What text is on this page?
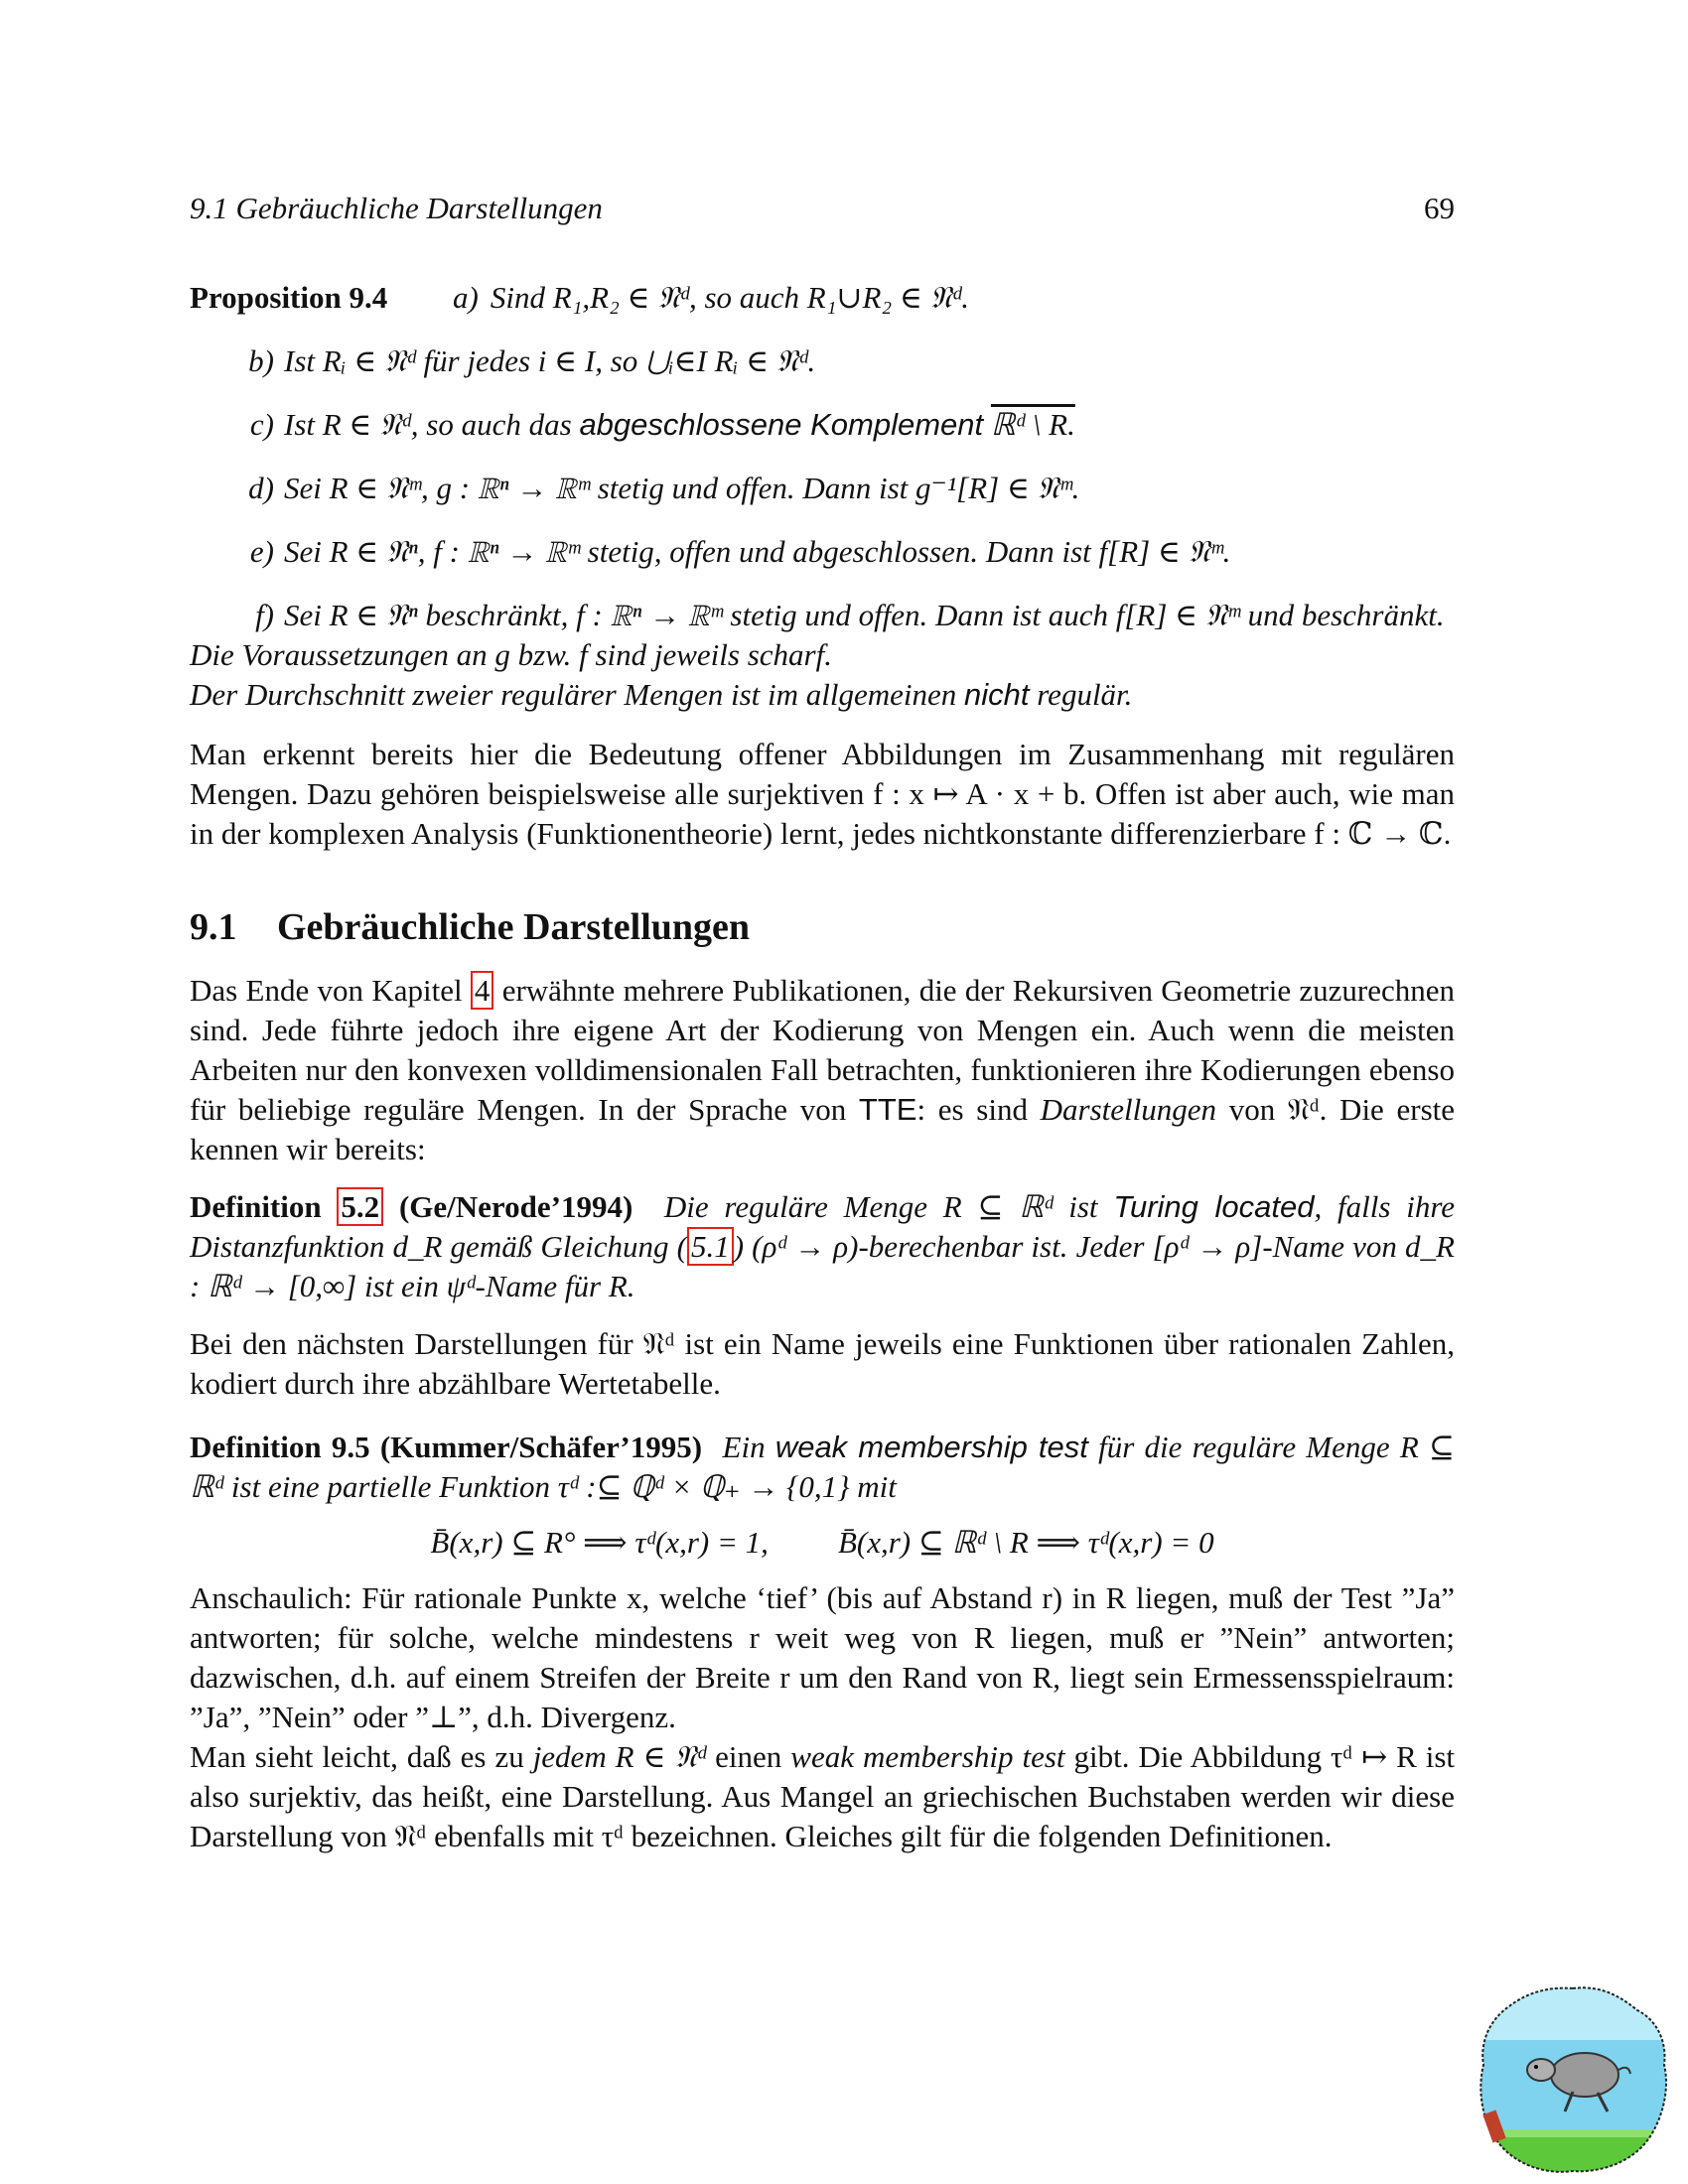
9.1 Gebräuchliche Darstellungen	69
Proposition 9.4	a) Sind R₁,R₂ ∈ 𝔑ᵈ, so auch R₁∪R₂ ∈ 𝔑ᵈ.
b) Ist Rᵢ ∈ 𝔑ᵈ für jedes i ∈ I, so ⋃ᵢ∈I Rᵢ ∈ 𝔑ᵈ.
c) Ist R ∈ 𝔑ᵈ, so auch das abgeschlossene Komplement ℝᵈ \ R.
d) Sei R ∈ 𝔑ᵐ, g : ℝⁿ → ℝᵐ stetig und offen. Dann ist g⁻¹[R] ∈ 𝔑ᵐ.
e) Sei R ∈ 𝔑ⁿ, f : ℝⁿ → ℝᵐ stetig, offen und abgeschlossen. Dann ist f[R] ∈ 𝔑ᵐ.
f) Sei R ∈ 𝔑ⁿ beschränkt, f : ℝⁿ → ℝᵐ stetig und offen. Dann ist auch f[R] ∈ 𝔑ᵐ und beschränkt.
Die Voraussetzungen an g bzw. f sind jeweils scharf.
Der Durchschnitt zweier regulärer Mengen ist im allgemeinen nicht regulär.

Man erkennt bereits hier die Bedeutung offener Abbildungen im Zusammenhang mit regulären Mengen. Dazu gehören beispielsweise alle surjektiven f : x ↦ A · x + b. Offen ist aber auch, wie man in der komplexen Analysis (Funktionentheorie) lernt, jedes nichtkonstante differenzierbare f : ℂ → ℂ.

9.1 Gebräuchliche Darstellungen

Das Ende von Kapitel 4 erwähnte mehrere Publikationen, die der Rekursiven Geometrie zuzurechnen sind. Jede führte jedoch ihre eigene Art der Kodierung von Mengen ein. Auch wenn die meisten Arbeiten nur den konvexen volldimensionalen Fall betrachten, funktionieren ihre Kodierungen ebenso für beliebige reguläre Mengen. In der Sprache von TTE: es sind Darstellungen von 𝔑ᵈ. Die erste kennen wir bereits:

Definition 5.2 (Ge/Nerode’1994) Die reguläre Menge R ⊆ ℝᵈ ist Turing located, falls ihre Distanzfunktion d_R gemäß Gleichung ( 5.1 ) (ρᵈ → ρ)-berechenbar ist. Jeder [ρᵈ → ρ]-Name von d_R : ℝᵈ → [0,∞] ist ein ψᵈ-Name für R.

Bei den nächsten Darstellungen für 𝔑ᵈ ist ein Name jeweils eine Funktionen über rationalen Zahlen, kodiert durch ihre abzählbare Wertetabelle.

Definition 9.5 (Kummer/Schäfer’1995) Ein weak membership test für die reguläre Menge R ⊆ ℝᵈ ist eine partielle Funktion τᵈ :⊆ ℚᵈ × ℚ₊ → {0,1} mit

B̄(x,r) ⊆ R° ⟹ τᵈ(x,r) = 1, B̄(x,r) ⊆ ℝᵈ \ R ⟹ τᵈ(x,r) = 0

Anschaulich: Für rationale Punkte x, welche ‘tief’ (bis auf Abstand r) in R liegen, muß der Test ”Ja” antworten; für solche, welche mindestens r weit weg von R liegen, muß er ”Nein” antworten; dazwischen, d.h. auf einem Streifen der Breite r um den Rand von R, liegt sein Ermessensspielraum: ”Ja”, ”Nein” oder ”⊥”, d.h. Divergenz.

Man sieht leicht, daß es zu jedem R ∈ 𝔑ᵈ einen weak membership test gibt. Die Abbildung τᵈ ↦ R ist also surjektiv, das heißt, eine Darstellung. Aus Mangel an griechischen Buchstaben werden wir diese Darstellung von 𝔑ᵈ ebenfalls mit τᵈ bezeichnen. Gleiches gilt für die folgenden Definitionen.
